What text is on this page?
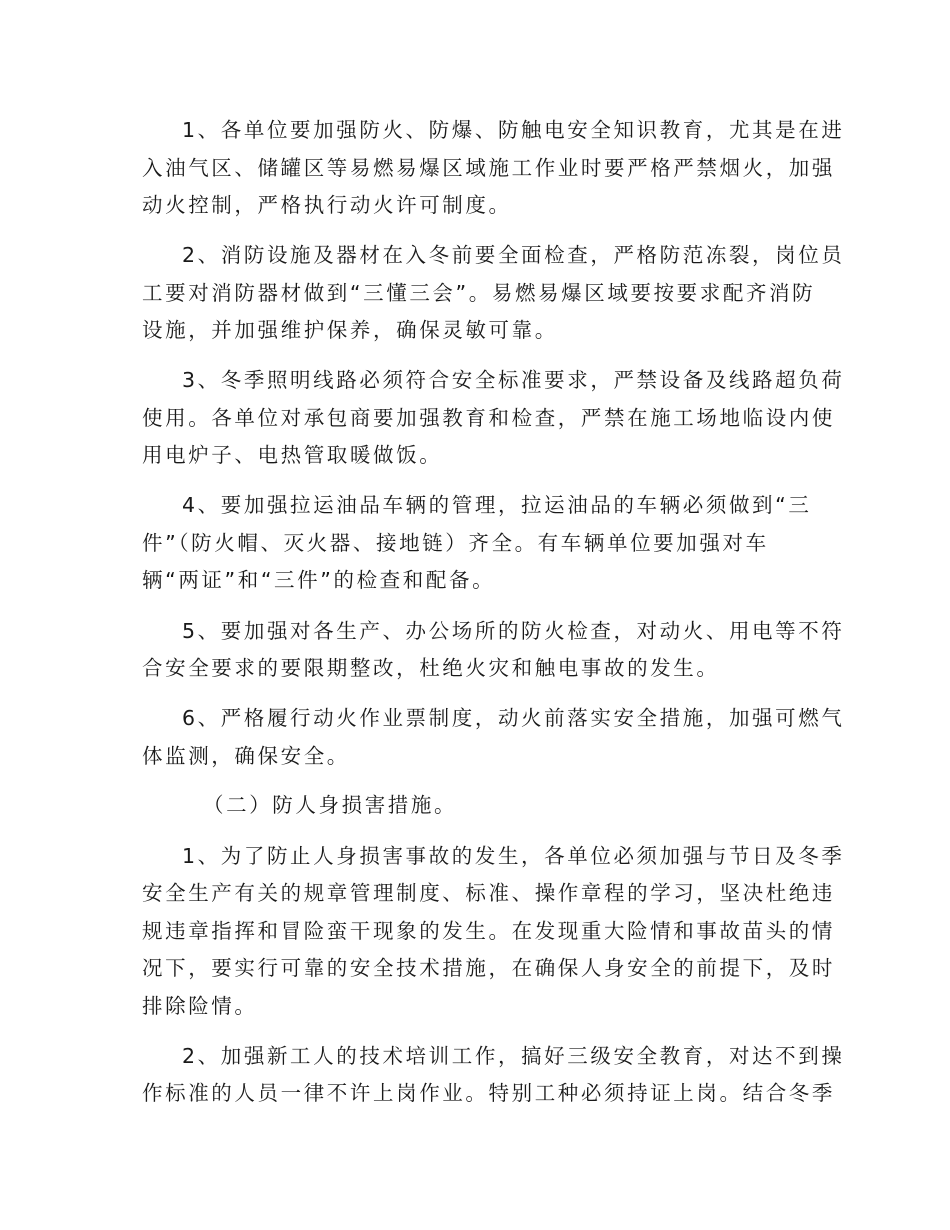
1、各单位要加强防火、防爆、防触电安全知识教育，尤其是在进
入油气区、储罐区等易燃易爆区域施工作业时要严格严禁烟火，加强
动火控制，严格执行动火许可制度。
2、消防设施及器材在入冬前要全面检查，严格防范冻裂，岗位员
工要对消防器材做到“三懂三会”。易燃易爆区域要按要求配齐消防
设施，并加强维护保养，确保灵敏可靠。
3、冬季照明线路必须符合安全标准要求，严禁设备及线路超负荷
使用。各单位对承包商要加强教育和检查，严禁在施工场地临设内使
用电炉子、电热管取暖做饭。
4、要加强拉运油品车辆的管理，拉运油品的车辆必须做到“三
件”（防火帽、灭火器、接地链）齐全。有车辆单位要加强对车
辆“两证”和“三件”的检查和配备。
5、要加强对各生产、办公场所的防火检查，对动火、用电等不符
合安全要求的要限期整改，杜绝火灾和触电事故的发生。
6、严格履行动火作业票制度，动火前落实安全措施，加强可燃气
体监测，确保安全。
（二）防人身损害措施。
1、为了防止人身损害事故的发生，各单位必须加强与节日及冬季
安全生产有关的规章管理制度、标准、操作章程的学习，坚决杜绝违
规违章指挥和冒险蛮干现象的发生。在发现重大险情和事故苗头的情
况下，要实行可靠的安全技术措施，在确保人身安全的前提下，及时
排除险情。
2、加强新工人的技术培训工作，搞好三级安全教育，对达不到操
作标准的人员一律不许上岗作业。特别工种必须持证上岗。结合冬季
